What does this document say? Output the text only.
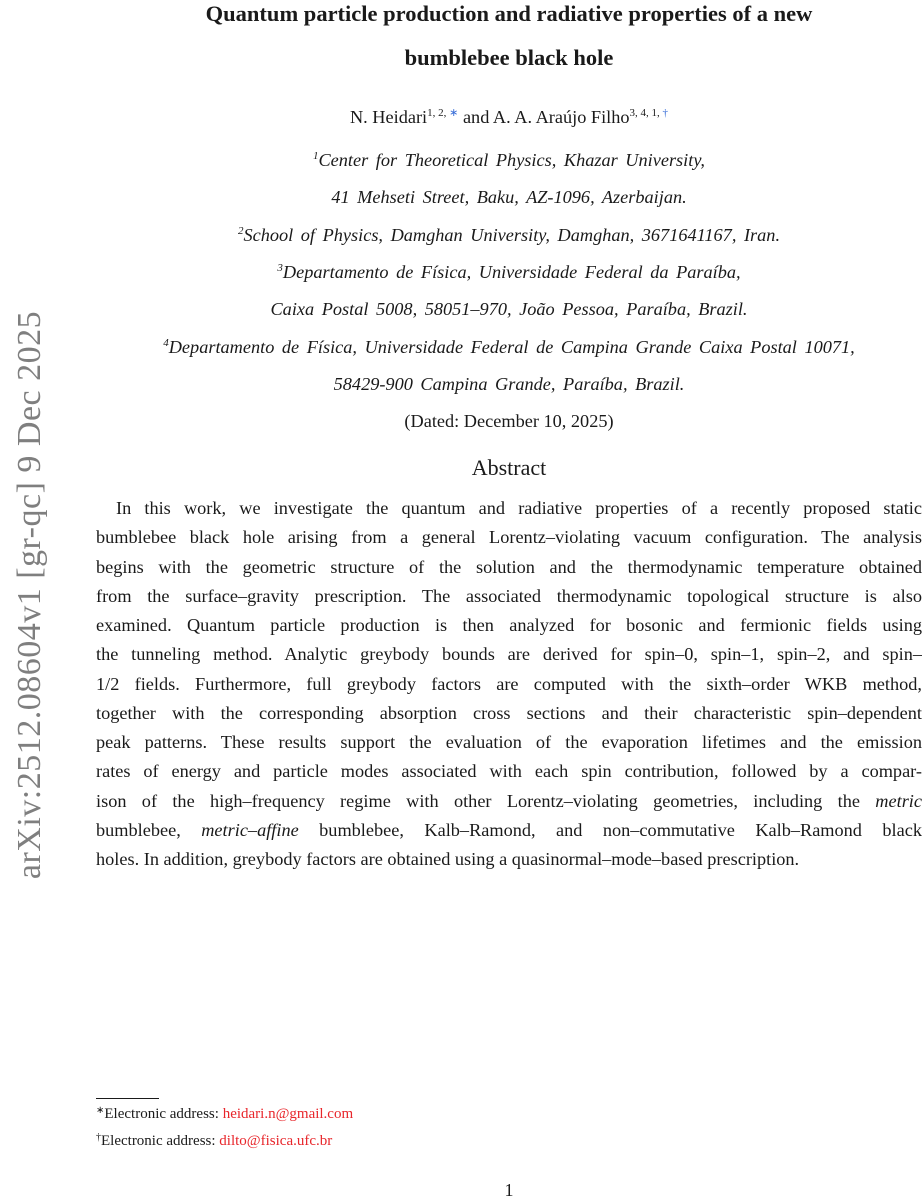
arXiv:2512.08604v1 [gr-qc] 9 Dec 2025
Quantum particle production and radiative properties of a new
bumblebee black hole
N. Heidari$^{1, 2, ∗}$ and A. A. Araújo Filho$^{3, 4, 1, \dagger}$
$^1$Center for Theoretical Physics, Khazar University,
41 Mehseti Street, Baku, AZ-1096, Azerbaijan.
$^2$School of Physics, Damghan University, Damghan, 3671641167, Iran.
$^3$Departamento de Física, Universidade Federal da Paraíba,
Caixa Postal 5008, 58051–970, João Pessoa, Paraíba, Brazil.
$^4$Departamento de Física, Universidade Federal de Campina Grande Caixa Postal 10071,
58429-900 Campina Grande, Paraíba, Brazil.
(Dated: December 10, 2025)
Abstract
In this work, we investigate the quantum and radiative properties of a recently proposed static
bumblebee black hole arising from a general Lorentz–violating vacuum configuration. The analysis
begins with the geometric structure of the solution and the thermodynamic temperature obtained
from the surface–gravity prescription. The associated thermodynamic topological structure is also
examined. Quantum particle production is then analyzed for bosonic and fermionic fields using
the tunneling method. Analytic greybody bounds are derived for spin–0, spin–1, spin–2, and spin–
1/2 fields. Furthermore, full greybody factors are computed with the sixth–order WKB method,
together with the corresponding absorption cross sections and their characteristic spin–dependent
peak patterns. These results support the evaluation of the evaporation lifetimes and the emission
rates of energy and particle modes associated with each spin contribution, followed by a compar-
ison of the high–frequency regime with other Lorentz–violating geometries, including the metric
bumblebee, metric–affine bumblebee, Kalb–Ramond, and non–commutative Kalb–Ramond black
holes. In addition, greybody factors are obtained using a quasinormal–mode–based prescription.
∗Electronic address: heidari.n@gmail.com
†Electronic address: dilto@fisica.ufc.br
1
